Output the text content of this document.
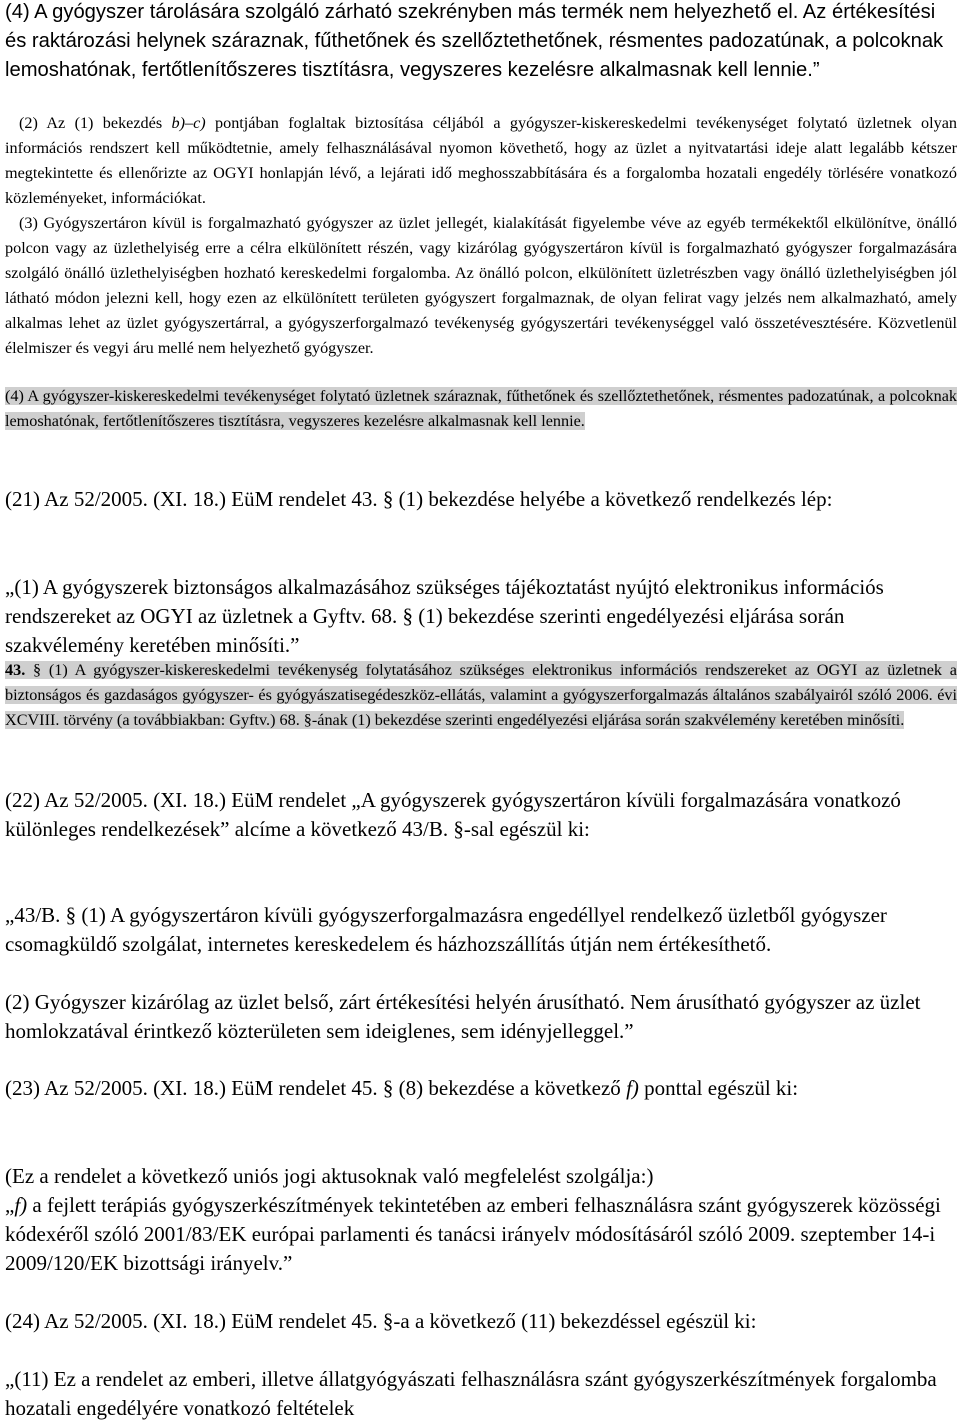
(4) A gyógyszer tárolására szolgáló zárható szekrényben más termék nem helyezhető el. Az értékesítési és raktározási helynek száraznak, fűthetőnek és szellőztethetőnek, résmentes padozatúnak, a polcoknak lemoshatónak, fertőtlenítőszeres tisztításra, vegyszeres kezelésre alkalmasnak kell lennie.”

(2) Az (1) bekezdés b)–c) pontjában foglaltak biztosítása céljából a gyógyszer-kiskereskedelmi tevékenységet folytató üzletnek olyan információs rendszert kell működtetnie, amely felhasználásával nyomon követhető, hogy az üzlet a nyitvatartási ideje alatt legalább kétszer megtekintette és ellenőrizte az OGYI honlapján lévő, a lejárati idő meghosszabbítására és a forgalomba hozatali engedély törlésére vonatkozó közleményeket, információkat.

(3) Gyógyszertáron kívül is forgalmazható gyógyszer az üzlet jellegét, kialakítását figyelembe véve az egyéb termékektől elkülönítve, önálló polcon vagy az üzlethelyiség erre a célra elkülönített részén, vagy kizárólag gyógyszertáron kívül is forgalmazható gyógyszer forgalmazására szolgáló önálló üzlethelyiségben hozható kereskedelmi forgalomba. Az önálló polcon, elkülönített üzletrészben vagy önálló üzlethelyiségben jól látható módon jelezni kell, hogy ezen az elkülönített területen gyógyszert forgalmaznak, de olyan felirat vagy jelzés nem alkalmazható, amely alkalmas lehet az üzlet gyógyszertárral, a gyógyszerforgalmazó tevékenység gyógyszertári tevékenységgel való összetévesztésére. Közvetlenül élelmiszer és vegyi áru mellé nem helyezhető gyógyszer.

(4) A gyógyszer-kiskereskedelmi tevékenységet folytató üzletnek száraznak, fűthetőnek és szellőztethetőnek, résmentes padozatúnak, a polcoknak lemoshatónak, fertőtlenítőszeres tisztításra, vegyszeres kezelésre alkalmasnak kell lennie.

(21) Az 52/2005. (XI. 18.) EüM rendelet 43. § (1) bekezdése helyébe a következő rendelkezés lép:

„(1) A gyógyszerek biztonságos alkalmazásához szükséges tájékoztatást nyújtó elektronikus információs rendszereket az OGYI az üzletnek a Gyftv. 68. § (1) bekezdése szerinti engedélyezési eljárása során szakvélemény keretében minősíti.”

43. § (1) A gyógyszer-kiskereskedelmi tevékenység folytatásához szükséges elektronikus információs rendszereket az OGYI az üzletnek a biztonságos és gazdaságos gyógyszer- és gyógyászatisegédeszköz-ellátás, valamint a gyógyszerforgalmazás általános szabályairól szóló 2006. évi XCVIII. törvény (a továbbiakban: Gyftv.) 68. §-ának (1) bekezdése szerinti engedélyezési eljárása során szakvélemény keretében minősíti.

(22) Az 52/2005. (XI. 18.) EüM rendelet „A gyógyszerek gyógyszertáron kívüli forgalmazására vonatkozó különleges rendelkezések” alcíme a következő 43/B. §-sal egészül ki:

„43/B. § (1) A gyógyszertáron kívüli gyógyszerforgalmazásra engedéllyel rendelkező üzletből gyógyszer csomagküldő szolgálat, internetes kereskedelem és házhozszállítás útján nem értékesíthető.

(2) Gyógyszer kizárólag az üzlet belső, zárt értékesítési helyén árusítható. Nem árusítható gyógyszer az üzlet homlokzatával érintkező közterületen sem ideiglenes, sem idényjelleggel.”

(23) Az 52/2005. (XI. 18.) EüM rendelet 45. § (8) bekezdése a következő f) ponttal egészül ki:

(Ez a rendelet a következő uniós jogi aktusoknak való megfelelést szolgálja:)

„f) a fejlett terápiás gyógyszerkészítmények tekintetében az emberi felhasználásra szánt gyógyszerek közösségi kódexéről szóló 2001/83/EK európai parlamenti és tanácsi irányelv módosításáról szóló 2009. szeptember 14-i 2009/120/EK bizottsági irányelv.”

(24) Az 52/2005. (XI. 18.) EüM rendelet 45. §-a a következő (11) bekezdéssel egészül ki:

„(11) Ez a rendelet az emberi, illetve állatgyógyászati felhasználásra szánt gyógyszerkészítmények forgalomba hozatali engedélyére vonatkozó feltételek
